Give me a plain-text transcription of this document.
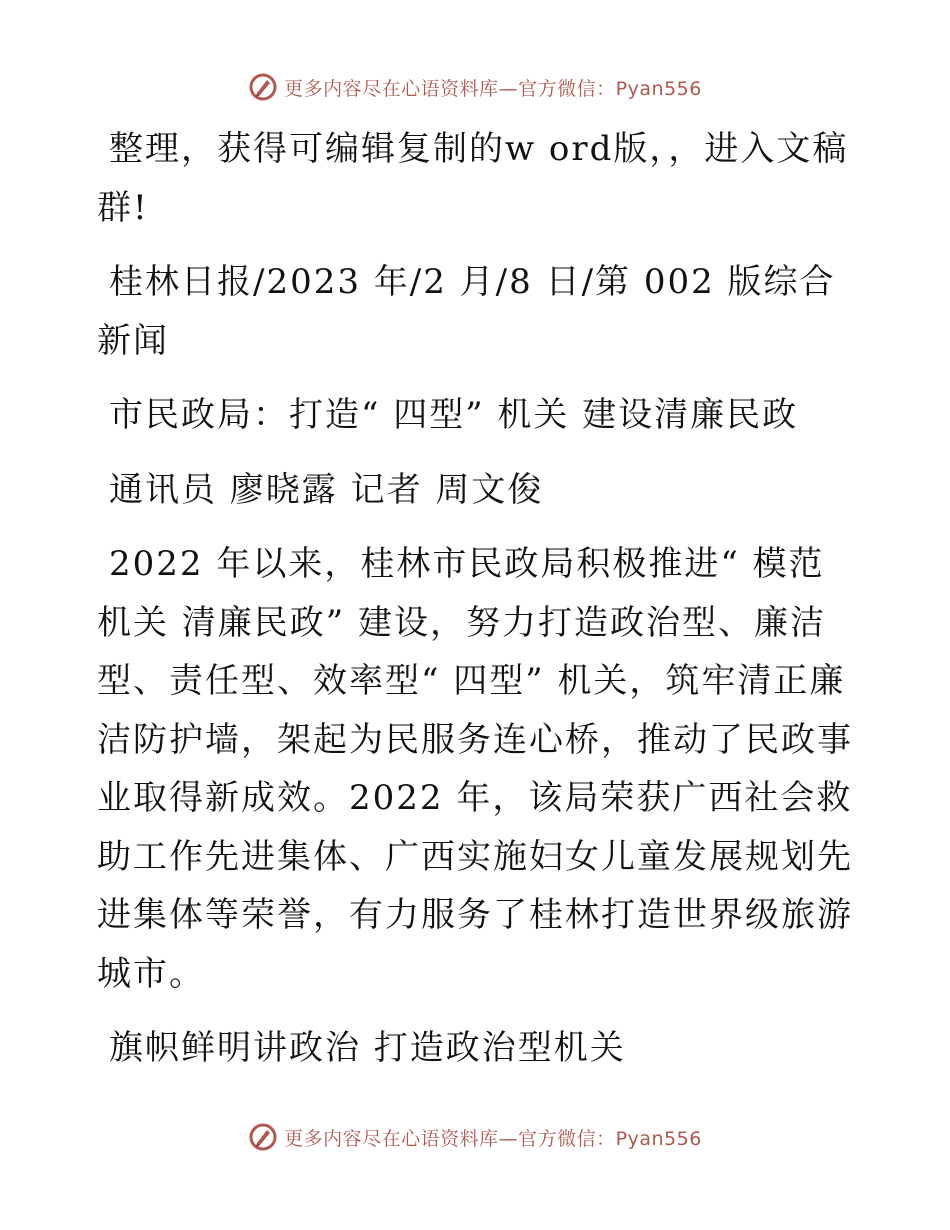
更多内容尽在心语资料库—官方微信：Pyan556

整理，获得可编辑复制的w ord版，，进入文稿群!

桂林日报/2023 年/2 月/8 日/第 002 版综合新闻

市民政局：打造“ 四型” 机关 建设清廉民政

通讯员 廖晓露 记者 周文俊

2022 年以来，桂林市民政局积极推进“ 模范机关 清廉民政” 建设，努力打造政治型、廉洁型、责任型、效率型“ 四型” 机关，筑牢清正廉洁防护墙，架起为民服务连心桥，推动了民政事业取得新成效。2022 年，该局荣获广西社会救助工作先进集体、广西实施妇女儿童发展规划先进集体等荣誉，有力服务了桂林打造世界级旅游城市。

旗帜鲜明讲政治 打造政治型机关

更多内容尽在心语资料库—官方微信：Pyan556
